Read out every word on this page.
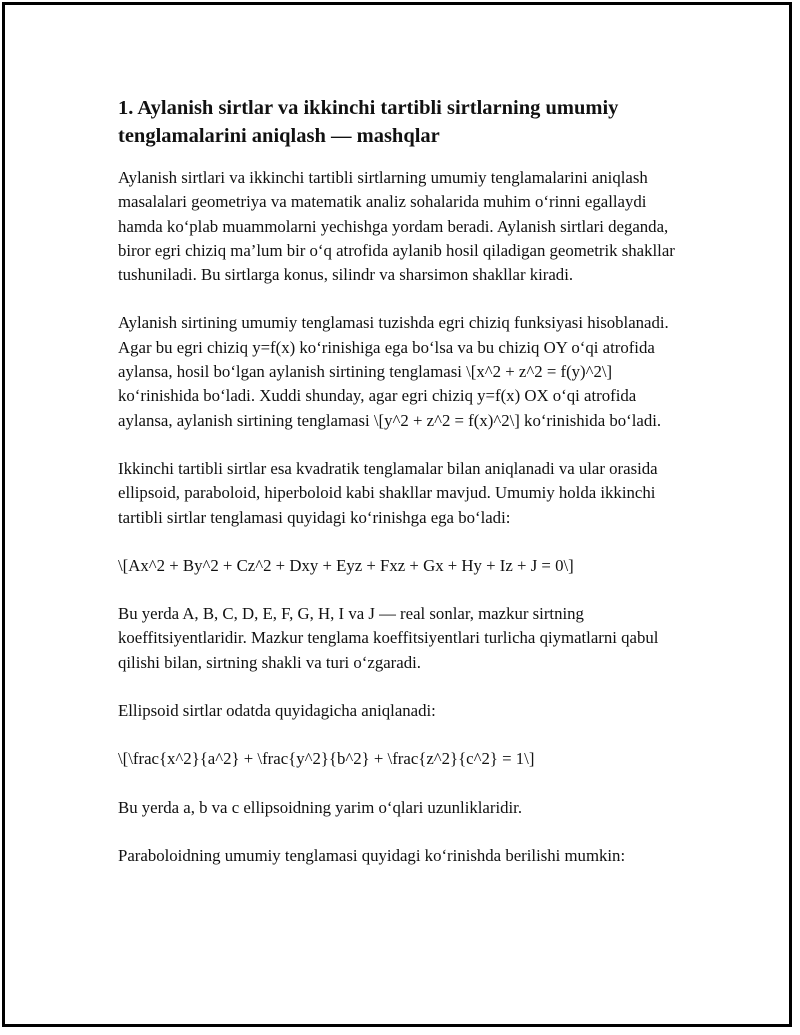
1. Aylanish sirtlar va ikkinchi tartibli sirtlarning umumiy tenglamalarini aniqlash — mashqlar

Aylanish sirtlari va ikkinchi tartibli sirtlarning umumiy tenglamalarini aniqlash masalalari geometriya va matematik analiz sohalarida muhim o‘rinni egallaydi hamda ko‘plab muammolarni yechishga yordam beradi. Aylanish sirtlari deganda, biror egri chiziq ma’lum bir o‘q atrofida aylanib hosil qiladigan geometrik shakllar tushuniladi. Bu sirtlarga konus, silindr va sharsimon shakllar kiradi.

Aylanish sirtining umumiy tenglamasi tuzishda egri chiziq funksiyasi hisoblanadi. Agar bu egri chiziq y=f(x) ko‘rinishiga ega bo‘lsa va bu chiziq OY o‘qi atrofida aylansa, hosil bo‘lgan aylanish sirtining tenglamasi \[x^2 + z^2 = f(y)^2\] ko‘rinishida bo‘ladi. Xuddi shunday, agar egri chiziq y=f(x) OX o‘qi atrofida aylansa, aylanish sirtining tenglamasi \[y^2 + z^2 = f(x)^2\] ko‘rinishida bo‘ladi.

Ikkinchi tartibli sirtlar esa kvadratik tenglamalar bilan aniqlanadi va ular orasida ellipsoid, paraboloid, hiperboloid kabi shakllar mavjud. Umumiy holda ikkinchi tartibli sirtlar tenglamasi quyidagi ko‘rinishga ega bo‘ladi:

\[Ax^2 + By^2 + Cz^2 + Dxy + Eyz + Fxz + Gx + Hy + Iz + J = 0\]

Bu yerda A, B, C, D, E, F, G, H, I va J — real sonlar, mazkur sirtning koeffitsiyentlaridir. Mazkur tenglama koeffitsiyentlari turlicha qiymatlarni qabul qilishi bilan, sirtning shakli va turi o‘zgaradi.

Ellipsoid sirtlar odatda quyidagicha aniqlanadi:

\[\frac{x^2}{a^2} + \frac{y^2}{b^2} + \frac{z^2}{c^2} = 1\]

Bu yerda a, b va c ellipsoidning yarim o‘qlari uzunliklaridir.

Paraboloidning umumiy tenglamasi quyidagi ko‘rinishda berilishi mumkin:
